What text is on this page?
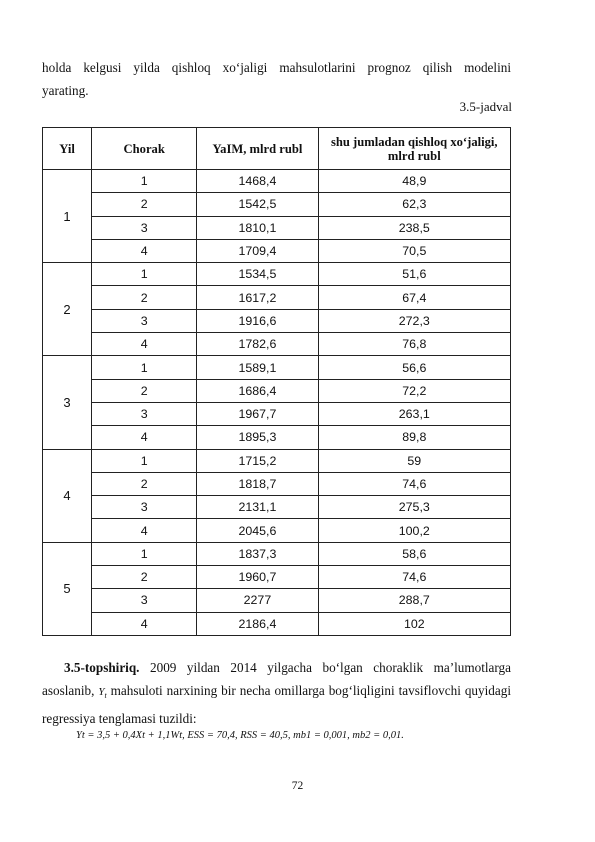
holda kelgusi yilda qishloq xo‘jaligi mahsulotlarini prognoz qilish modelini
yarating.
3.5-jadval
Yil	Chorak	YaIM, mlrd rubl	shu jumladan qishloq xo‘jaligi, mlrd rubl
1	1	1468,4	48,9
	2	1542,5	62,3
	3	1810,1	238,5
	4	1709,4	70,5
2	1	1534,5	51,6
	2	1617,2	67,4
	3	1916,6	272,3
	4	1782,6	76,8
3	1	1589,1	56,6
	2	1686,4	72,2
	3	1967,7	263,1
	4	1895,3	89,8
4	1	1715,2	59
	2	1818,7	74,6
	3	2131,1	275,3
	4	2045,6	100,2
5	1	1837,3	58,6
	2	1960,7	74,6
	3	2277	288,7
	4	2186,4	102
3.5-topshiriq. 2009 yildan 2014 yilgacha bo‘lgan choraklik ma’lumotlarga asoslanib, $Y_t$ mahsuloti narxining bir necha omillarga bog‘liqligini tavsiflovchi quyidagi regressiya tenglamasi tuzildi:
Yt = 3,5 + 0,4Xt + 1,1Wt, ESS = 70,4, RSS = 40,5, mb1 = 0,001, mb2 = 0,01.
72
